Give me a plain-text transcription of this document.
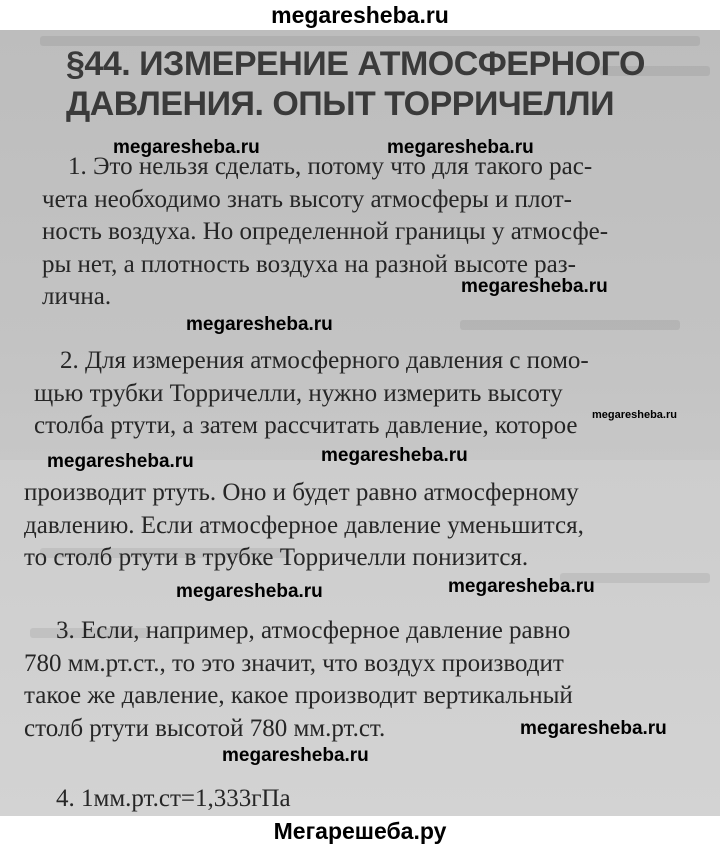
megaresheba.ru
§44. ИЗМЕРЕНИЕ АТМОСФЕРНОГО
ДАВЛЕНИЯ. ОПЫТ ТОРРИЧЕЛЛИ
1. Это нельзя сделать, потому что для такого рас-
чета необходимо знать высоту атмосферы и плот-
ность воздуха. Но определенной границы у атмосфе-
ры нет, а плотность воздуха на разной высоте раз-
лична.
2. Для измерения атмосферного давления с помо-
щью трубки Торричелли, нужно измерить высоту
столба ртути, а затем рассчитать давление, которое
производит ртуть. Оно и будет равно атмосферному
давлению. Если атмосферное давление уменьшится,
то столб ртути в трубке Торричелли понизится.
3. Если, например, атмосферное давление равно
780 мм.рт.ст., то это значит, что воздух производит
такое же давление, какое производит вертикальный
столб ртути высотой 780 мм.рт.ст.
4. 1мм.рт.ст=1,333гПа
megaresheba.ru	megaresheba.ru
megaresheba.ru
megaresheba.ru
megaresheba.ru
megaresheba.ru	megaresheba.ru
megaresheba.ru	megaresheba.ru
megaresheba.ru
megaresheba.ru
Мегарешеба.ру
